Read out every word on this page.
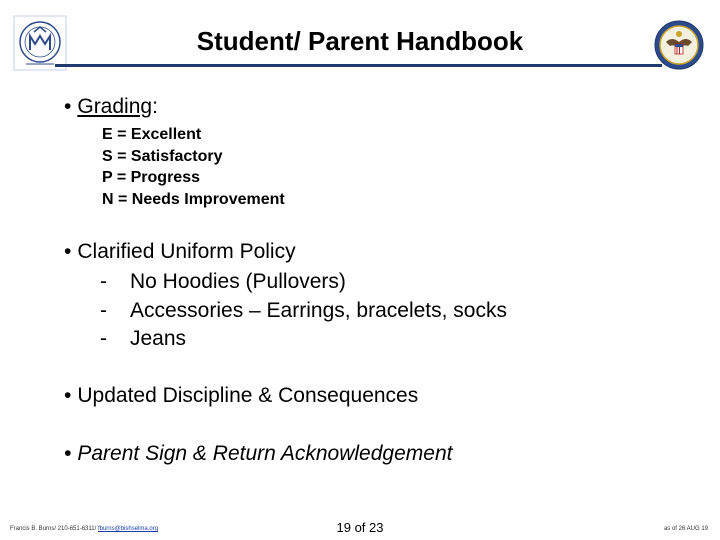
Student/ Parent Handbook
• Grading:
E = Excellent
S = Satisfactory
P = Progress
N = Needs Improvement
• Clarified Uniform Policy
- No Hoodies (Pullovers)
- Accessories – Earrings, bracelets, socks
- Jeans
• Updated Discipline & Consequences
• Parent Sign & Return Acknowledgement
Francis B. Burns/ 210-651-6311/ fburns@bishselma.org	19 of 23	as of 26 AUG 19
